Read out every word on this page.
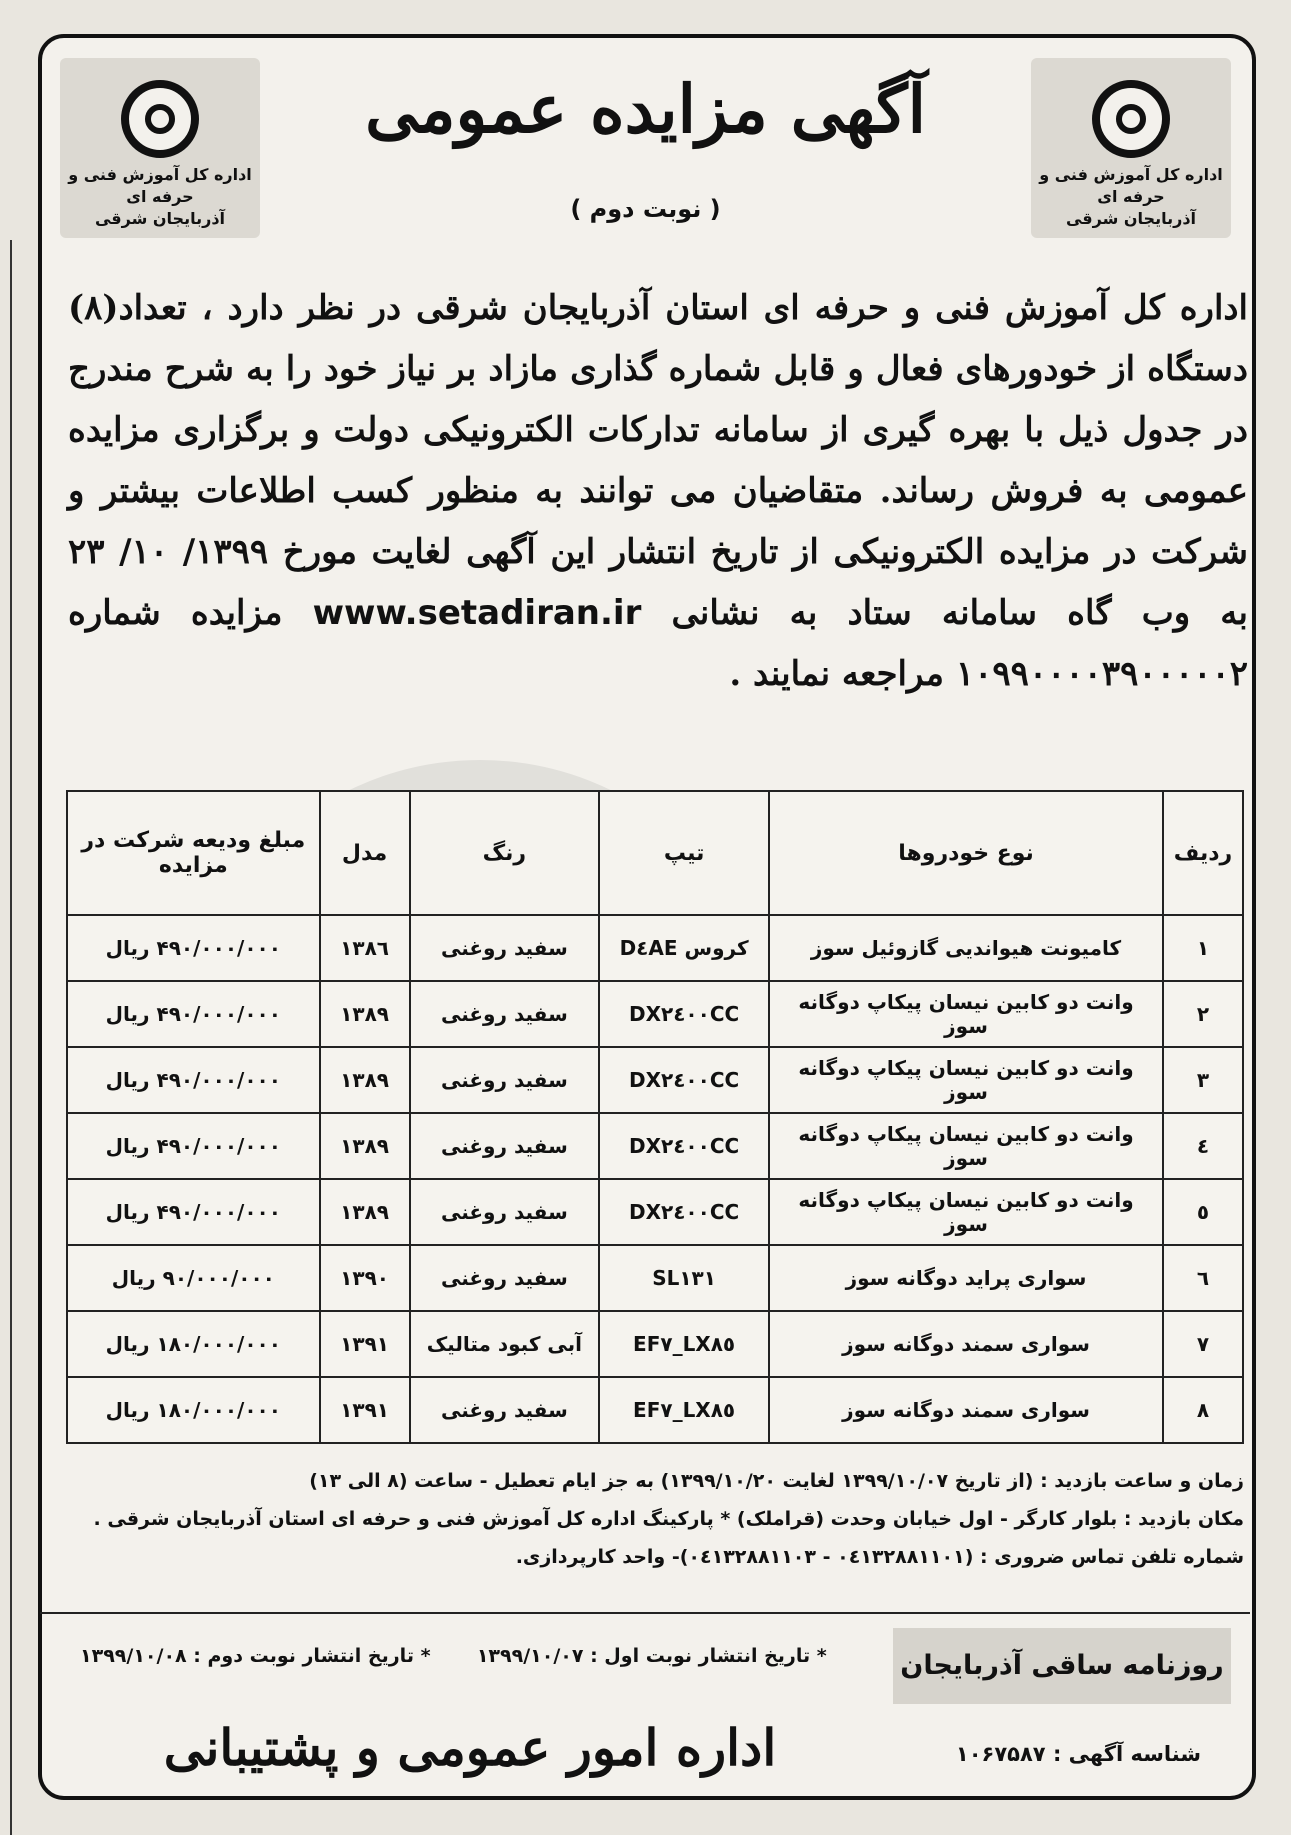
اداره کل آموزش فنی و حرفه ای
آذربایجان شرقی
اداره کل آموزش فنی و حرفه ای
آذربایجان شرقی
آگهی مزایده عمومی
( نوبت دوم )
اداره کل آموزش فنی و حرفه ای استان آذربایجان شرقی در نظر دارد ، تعداد(۸) دستگاه از خودورهای فعال و قابل شماره گذاری مازاد بر نیاز خود را به شرح مندرج در جدول ذیل با بهره گیری از سامانه تدارکات الکترونیکی دولت و برگزاری مزایده عمومی به فروش رساند. متقاضیان می توانند به منظور کسب اطلاعات بیشتر و شرکت در مزایده الکترونیکی از تاریخ انتشار این آگهی لغایت مورخ ۱۳۹۹/ ۱۰/ ۲۳ به وب گاه سامانه ستاد به نشانی www.setadiran.ir مزایده شماره ۱۰۹۹۰۰۰۰۳۹۰۰۰۰۰۲ مراجعه نمایند .
ردیف	نوع خودروها	تیپ	رنگ	مدل	مبلغ ودیعه شرکت در مزایده
۱	کامیونت هیواندیی گازوئیل سوز	کروس D٤AE	سفید روغنی	۱۳۸٦	۴۹۰/۰۰۰/۰۰۰ ریال
۲	وانت دو کابین نیسان پیکاپ دوگانه سوز	DX۲٤۰۰CC	سفید روغنی	۱۳۸۹	۴۹۰/۰۰۰/۰۰۰ ریال
۳	وانت دو کابین نیسان پیکاپ دوگانه سوز	DX۲٤۰۰CC	سفید روغنی	۱۳۸۹	۴۹۰/۰۰۰/۰۰۰ ریال
٤	وانت دو کابین نیسان پیکاپ دوگانه سوز	DX۲٤۰۰CC	سفید روغنی	۱۳۸۹	۴۹۰/۰۰۰/۰۰۰ ریال
٥	وانت دو کابین نیسان پیکاپ دوگانه سوز	DX۲٤۰۰CC	سفید روغنی	۱۳۸۹	۴۹۰/۰۰۰/۰۰۰ ریال
٦	سواری پراید دوگانه سوز	SL۱۳۱	سفید روغنی	۱۳۹۰	۹۰/۰۰۰/۰۰۰ ریال
۷	سواری سمند دوگانه سوز	LX۸٥_EF۷	آبی کبود متالیک	۱۳۹۱	۱۸۰/۰۰۰/۰۰۰ ریال
۸	سواری سمند دوگانه سوز	LX۸٥_EF۷	سفید روغنی	۱۳۹۱	۱۸۰/۰۰۰/۰۰۰ ریال
زمان و ساعت بازدید : (از تاریخ ۱۳۹۹/۱۰/۰۷ لغایت ۱۳۹۹/۱۰/۲۰) به جز ایام تعطیل - ساعت (۸ الی ۱۳)
مکان بازدید : بلوار کارگر - اول خیابان وحدت (قراملک) * پارکینگ اداره کل آموزش فنی و حرفه ای استان آذربایجان شرقی .
شماره تلفن تماس ضروری : (۰٤۱۳۲۸۸۱۱۰۱ - ۰٤۱۳۲۸۸۱۱۰۳)- واحد کارپردازی.
روزنامه ساقی آذربایجان
* تاریخ انتشار نوبت اول : ۱۳۹۹/۱۰/۰۷       * تاریخ انتشار نوبت دوم : ۱۳۹۹/۱۰/۰۸
اداره امور عمومی و پشتیبانی	شناسه آگهی : ۱۰۶۷۵۸۷
